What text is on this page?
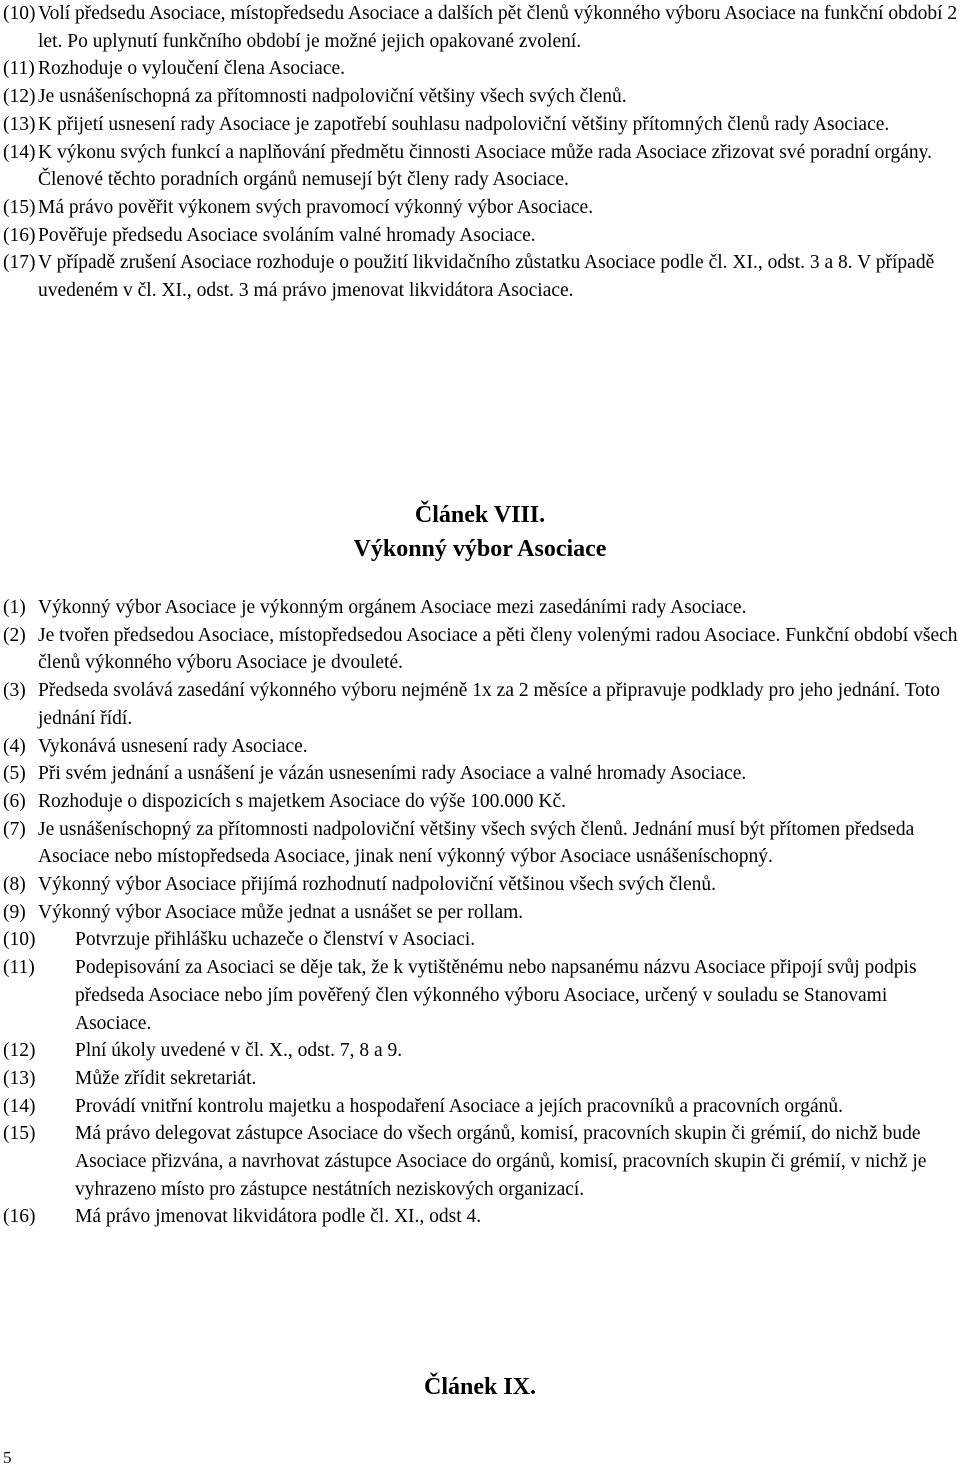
(10) Volí předsedu Asociace, místopředsedu Asociace a dalších pět členů výkonného výboru Asociace na funkční období 2 let. Po uplynutí funkčního období je možné jejich opakované zvolení.
(11) Rozhoduje o vyloučení člena Asociace.
(12) Je usnášeníschopná za přítomnosti nadpoloviční většiny všech svých členů.
(13) K přijetí usnesení rady Asociace je zapotřebí souhlasu nadpoloviční většiny přítomných členů rady Asociace.
(14) K výkonu svých funkcí a naplňování předmětu činnosti Asociace může rada Asociace zřizovat své poradní orgány. Členové těchto poradních orgánů nemusejí být členy rady Asociace.
(15) Má právo pověřit výkonem svých pravomocí výkonný výbor Asociace.
(16) Pověřuje předsedu Asociace svoláním valné hromady Asociace.
(17) V případě zrušení Asociace rozhoduje o použití likvidačního zůstatku Asociace podle čl. XI., odst. 3 a 8. V případě uvedeném v čl. XI., odst. 3 má právo jmenovat likvidátora Asociace.
Článek VIII.
Výkonný výbor Asociace
(1) Výkonný výbor Asociace je výkonným orgánem Asociace mezi zasedáními rady Asociace.
(2) Je tvořen předsedou Asociace, místopředsedou Asociace a pěti členy volenými radou Asociace. Funkční období všech členů výkonného výboru Asociace je dvouleté.
(3) Předseda svolává zasedání výkonného výboru nejméně 1x za 2 měsíce a připravuje podklady pro jeho jednání. Toto jednání řídí.
(4) Vykonává usnesení rady Asociace.
(5) Při svém jednání a usnášení je vázán usneseními rady Asociace a valné hromady Asociace.
(6) Rozhoduje o dispozicích s majetkem Asociace do výše 100.000 Kč.
(7) Je usnášeníschopný za přítomnosti nadpoloviční většiny všech svých členů. Jednání musí být přítomen předseda Asociace nebo místopředseda Asociace, jinak není výkonný výbor Asociace usnášeníschopný.
(8) Výkonný výbor Asociace přijímá rozhodnutí nadpoloviční většinou všech svých členů.
(9) Výkonný výbor Asociace může jednat a usnášet se per rollam.
(10) Potvrzuje přihlášku uchazeče o členství v Asociaci.
(11) Podepisování za Asociaci se děje tak, že k vytištěnému nebo napsanému názvu Asociace připojí svůj podpis předseda Asociace nebo jím pověřený člen výkonného výboru Asociace, určený v souladu se Stanovami Asociace.
(12) Plní úkoly uvedené v čl. X., odst. 7, 8 a 9.
(13) Může zřídit sekretariát.
(14) Provádí vnitřní kontrolu majetku a hospodaření Asociace a jejích pracovníků a pracovních orgánů.
(15) Má právo delegovat zástupce Asociace do všech orgánů, komisí, pracovních skupin či grémií, do nichž bude Asociace přizvána, a navrhovat zástupce Asociace do orgánů, komisí, pracovních skupin či grémií, v nichž je vyhrazeno místo pro zástupce nestátních neziskových organizací.
(16) Má právo jmenovat likvidátora podle čl. XI., odst 4.
Článek IX.
5
